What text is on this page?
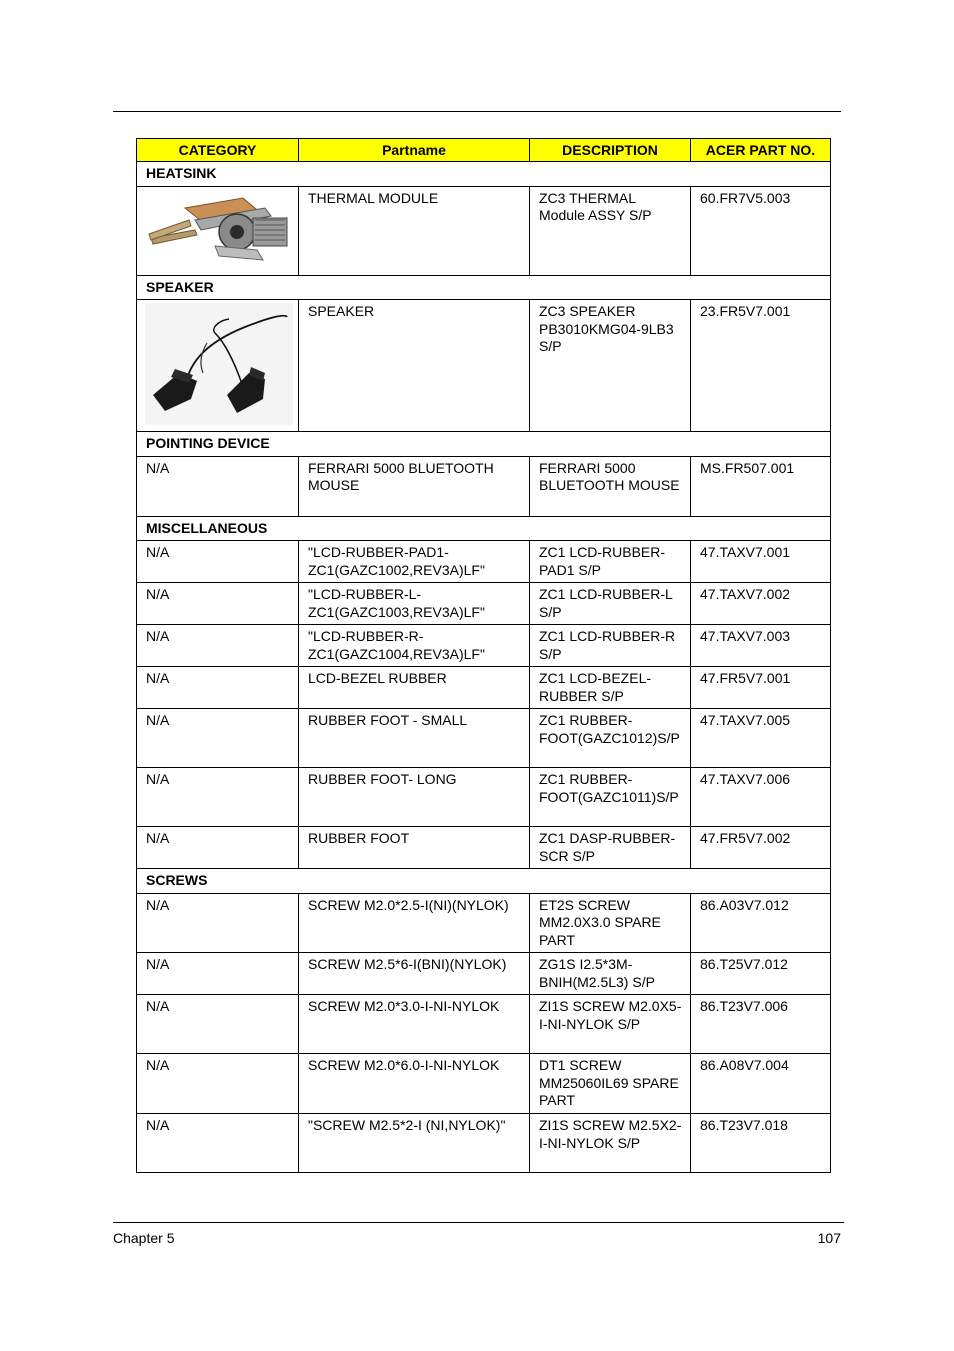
CATEGORY	Partname	DESCRIPTION	ACER PART NO.
HEATSINK			

	THERMAL MODULE	ZC3 THERMAL Module ASSY S/P	60.FR7V5.003
SPEAKER			

	SPEAKER	ZC3 SPEAKER PB3010KMG04-9LB3 S/P	23.FR5V7.001
POINTING DEVICE			
N/A	FERRARI 5000 BLUETOOTH MOUSE	FERRARI 5000 BLUETOOTH MOUSE	MS.FR507.001
MISCELLANEOUS			
N/A	"LCD-RUBBER-PAD1-ZC1(GAZC1002,REV3A)LF"	ZC1 LCD-RUBBER-PAD1 S/P	47.TAXV7.001
N/A	"LCD-RUBBER-L-ZC1(GAZC1003,REV3A)LF"	ZC1 LCD-RUBBER-L S/P	47.TAXV7.002
N/A	"LCD-RUBBER-R-ZC1(GAZC1004,REV3A)LF"	ZC1 LCD-RUBBER-R S/P	47.TAXV7.003
N/A	LCD-BEZEL RUBBER	ZC1 LCD-BEZEL-RUBBER S/P	47.FR5V7.001
N/A	RUBBER FOOT - SMALL	ZC1 RUBBER-FOOT(GAZC1012)S/P	47.TAXV7.005
N/A	RUBBER FOOT- LONG	ZC1 RUBBER-FOOT(GAZC1011)S/P	47.TAXV7.006
N/A	RUBBER FOOT	ZC1 DASP-RUBBER-SCR S/P	47.FR5V7.002
SCREWS			
N/A	SCREW M2.0*2.5-I(NI)(NYLOK)	ET2S SCREW MM2.0X3.0 SPARE PART	86.A03V7.012
N/A	SCREW M2.5*6-I(BNI)(NYLOK)	ZG1S I2.5*3M-BNIH(M2.5L3) S/P	86.T25V7.012
N/A	SCREW M2.0*3.0-I-NI-NYLOK	ZI1S SCREW M2.0X5-I-NI-NYLOK S/P	86.T23V7.006
N/A	SCREW M2.0*6.0-I-NI-NYLOK	DT1 SCREW MM25060IL69 SPARE PART	86.A08V7.004
N/A	"SCREW M2.5*2-I (NI,NYLOK)"	ZI1S SCREW M2.5X2-I-NI-NYLOK S/P	86.T23V7.018
Chapter 5	107
